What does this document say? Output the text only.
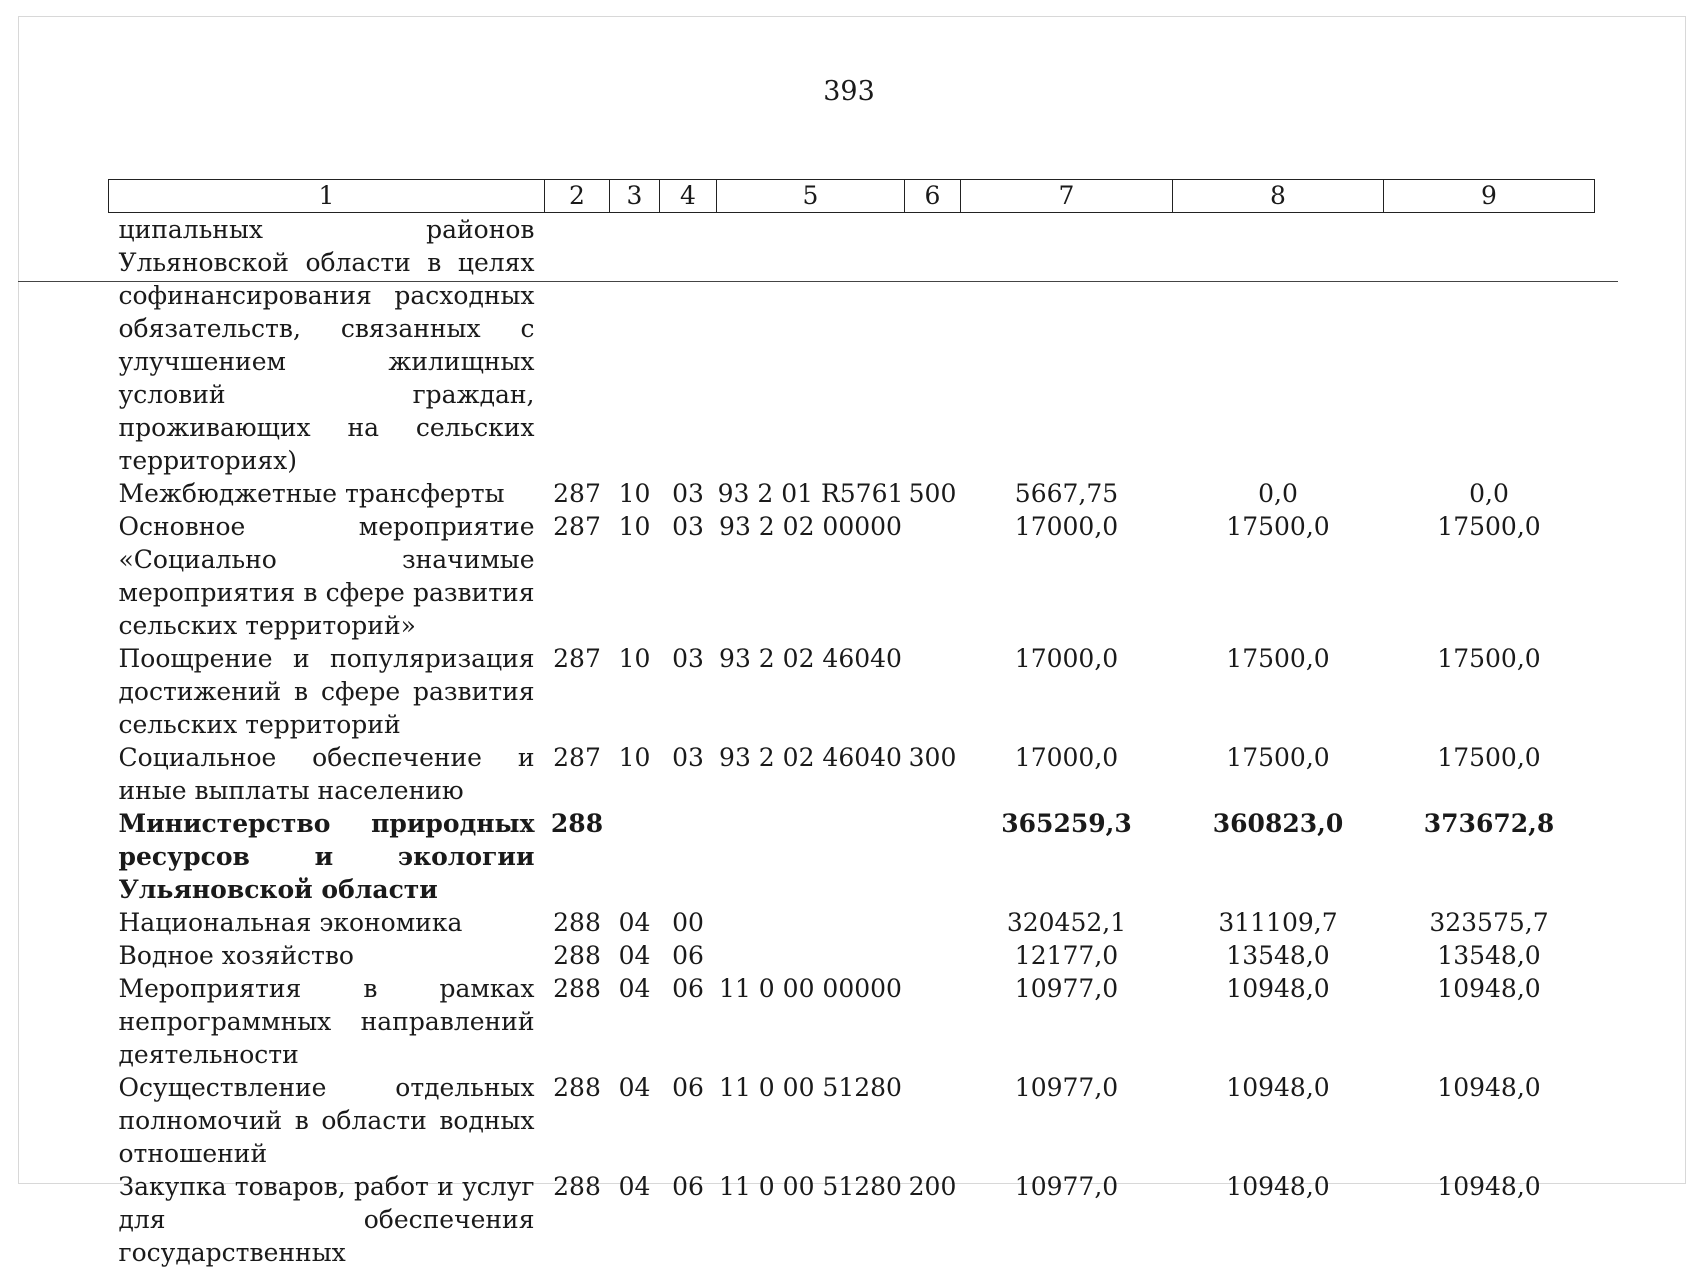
393
1	2	3	4	5	6	7	8	9
ципальных районов Ульяновской области в целях софинансирования расходных обязательств, связанных с улучшением жилищных условий граждан, проживающих на сельских территориях)								
Межбюджетные трансферты	287	10	03	93 2 01 R5761	500	5667,75	0,0	0,0
Основное мероприятие «Социально значимые мероприятия в сфере развития сельских территорий»	287	10	03	93 2 02 00000		17000,0	17500,0	17500,0
Поощрение и популяризация достижений в сфере развития сельских территорий	287	10	03	93 2 02 46040		17000,0	17500,0	17500,0
Социальное обеспечение и иные выплаты населению	287	10	03	93 2 02 46040	300	17000,0	17500,0	17500,0
Министерство природных ресурсов и экологии Ульяновской области	288					365259,3	360823,0	373672,8
Национальная экономика	288	04	00			320452,1	311109,7	323575,7
Водное хозяйство	288	04	06			12177,0	13548,0	13548,0
Мероприятия в рамках непрограммных направлений деятельности	288	04	06	11 0 00 00000		10977,0	10948,0	10948,0
Осуществление отдельных полномочий в области водных отношений	288	04	06	11 0 00 51280		10977,0	10948,0	10948,0
Закупка товаров, работ и услуг для обеспечения государственных	288	04	06	11 0 00 51280	200	10977,0	10948,0	10948,0
